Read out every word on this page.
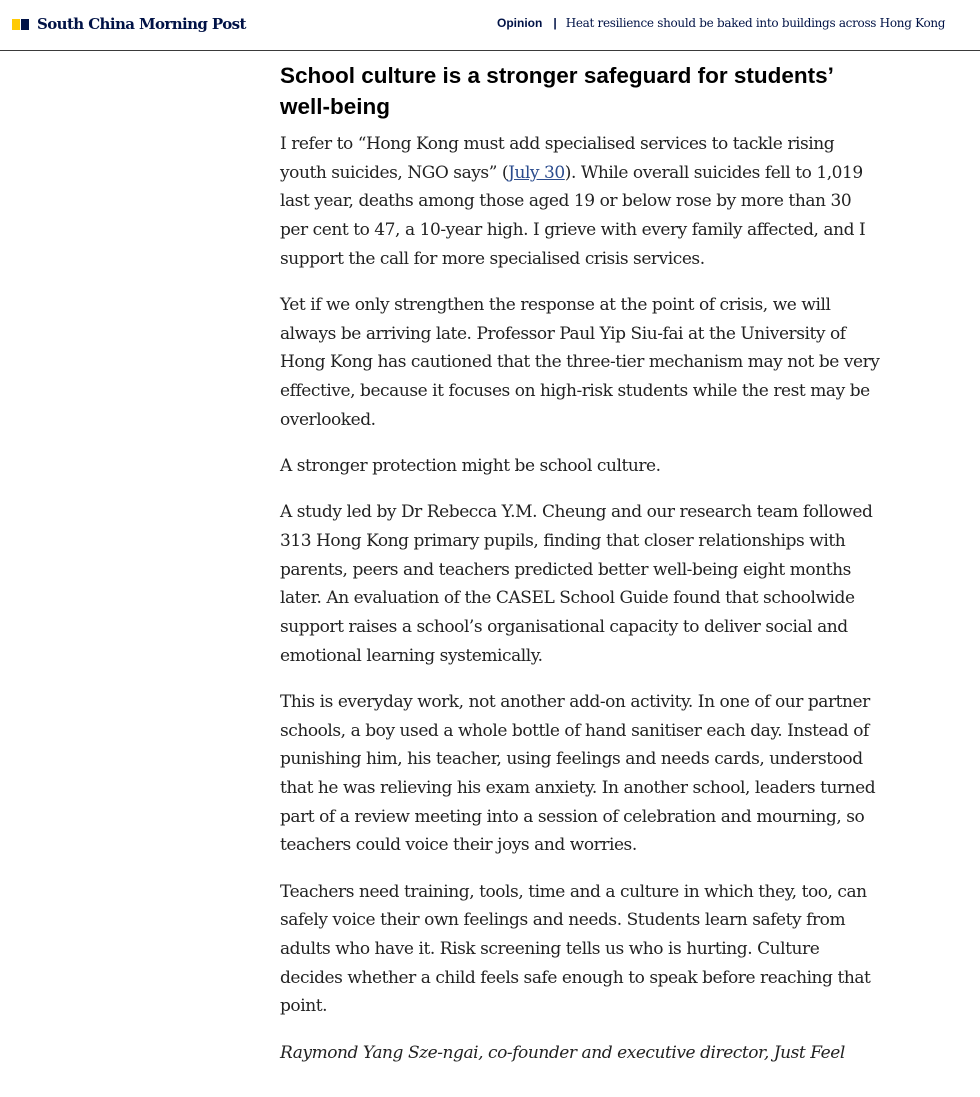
South China Morning Post	Opinion | Heat resilience should be baked into buildings across Hong Kong
School culture is a stronger safeguard for students’ well-being

I refer to “Hong Kong must add specialised services to tackle rising youth suicides, NGO says” (July 30). While overall suicides fell to 1,019 last year, deaths among those aged 19 or below rose by more than 30 per cent to 47, a 10-year high. I grieve with every family affected, and I support the call for more specialised crisis services.

Yet if we only strengthen the response at the point of crisis, we will always be arriving late. Professor Paul Yip Siu-fai at the University of Hong Kong has cautioned that the three-tier mechanism may not be very effective, because it focuses on high-risk students while the rest may be overlooked.

A stronger protection might be school culture.

A study led by Dr Rebecca Y.M. Cheung and our research team followed 313 Hong Kong primary pupils, finding that closer relationships with parents, peers and teachers predicted better well-being eight months later. An evaluation of the CASEL School Guide found that schoolwide support raises a school’s organisational capacity to deliver social and emotional learning systemically.

This is everyday work, not another add-on activity. In one of our partner schools, a boy used a whole bottle of hand sanitiser each day. Instead of punishing him, his teacher, using feelings and needs cards, understood that he was relieving his exam anxiety. In another school, leaders turned part of a review meeting into a session of celebration and mourning, so teachers could voice their joys and worries.

Teachers need training, tools, time and a culture in which they, too, can safely voice their own feelings and needs. Students learn safety from adults who have it. Risk screening tells us who is hurting. Culture decides whether a child feels safe enough to speak before reaching that point.

Raymond Yang Sze-ngai, co-founder and executive director, Just Feel
